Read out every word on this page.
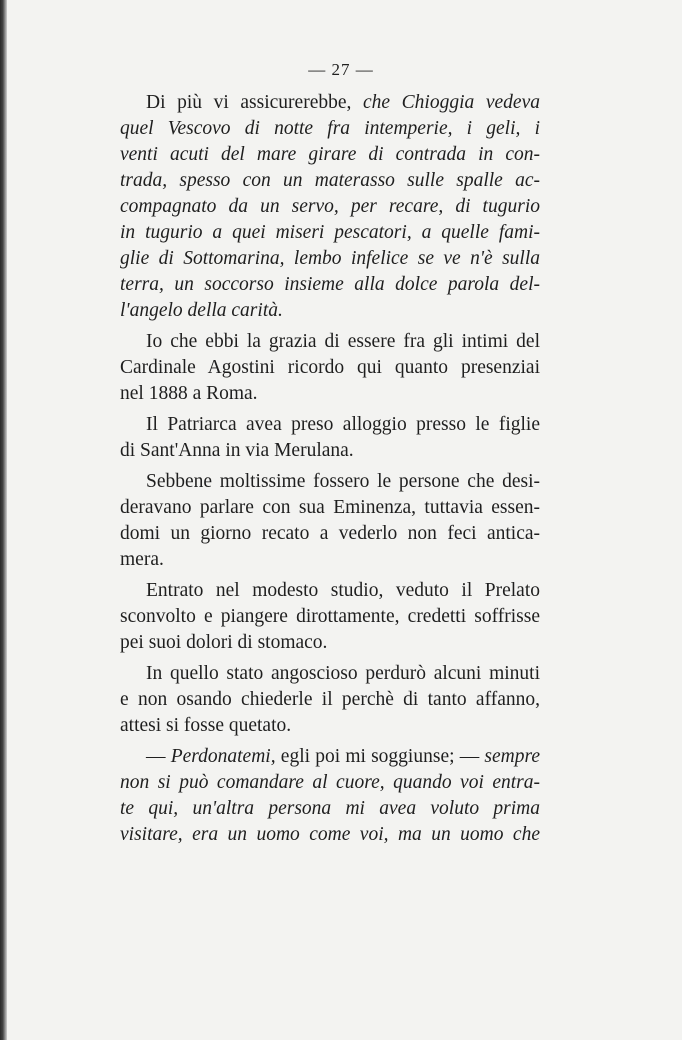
— 27 —
Di più vi assicurerebbe, che Chioggia vedeva
quel Vescovo di notte fra intemperie, i geli, i
venti acuti del mare girare di contrada in con-
trada, spesso con un materasso sulle spalle ac-
compagnato da un servo, per recare, di tugurio
in tugurio a quei miseri pescatori, a quelle fami-
glie di Sottomarina, lembo infelice se ve n'è sulla
terra, un soccorso insieme alla dolce parola del-
l'angelo della carità.
Io che ebbi la grazia di essere fra gli intimi del
Cardinale Agostini ricordo qui quanto presenziai
nel 1888 a Roma.
Il Patriarca avea preso alloggio presso le figlie
di Sant'Anna in via Merulana.
Sebbene moltissime fossero le persone che desi-
deravano parlare con sua Eminenza, tuttavia essen-
domi un giorno recato a vederlo non feci antica-
mera.
Entrato nel modesto studio, veduto il Prelato
sconvolto e piangere dirottamente, credetti soffrisse
pei suoi dolori di stomaco.
In quello stato angoscioso perdurò alcuni minuti
e non osando chiederle il perchè di tanto affanno,
attesi si fosse quetato.
— Perdonatemi, egli poi mi soggiunse; — sempre
non si può comandare al cuore, quando voi entra-
te qui, un'altra persona mi avea voluto prima
visitare, era un uomo come voi, ma un uomo che
